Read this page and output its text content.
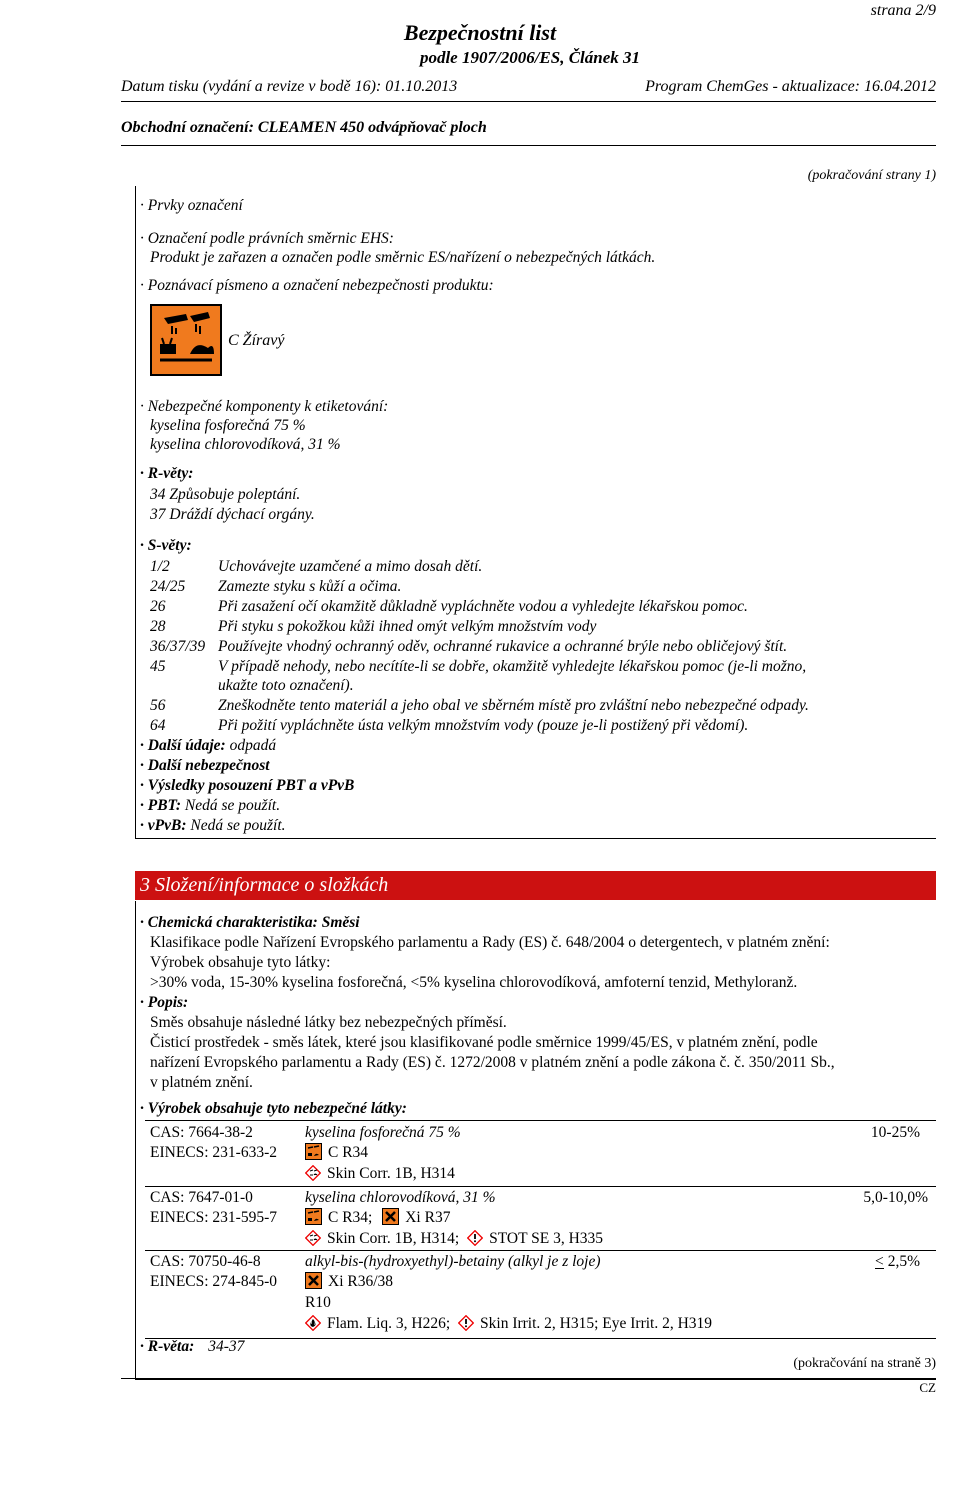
strana 2/9
Bezpečnostní list
podle 1907/2006/ES, Článek 31
Datum tisku (vydání a revize v bodě 16): 01.10.2013	Program ChemGes - aktualizace: 16.04.2012
Obchodní označení: CLEAMEN 450 odvápňovač ploch
(pokračování strany 1)
· Prvky označení
· Označení podle právních směrnic EHS:
Produkt je zařazen a označen podle směrnic ES/nařízení o nebezpečných látkách.
· Poznávací písmeno a označení nebezpečnosti produktu:
C Žíravý
· Nebezpečné komponenty k etiketování:
kyselina fosforečná 75 %
kyselina chlorovodíková, 31 %
· R-věty:
34 Způsobuje poleptání.
37 Dráždí dýchací orgány.
· S-věty:
1/2	Uchovávejte uzamčené a mimo dosah dětí.
24/25 Zamezte styku s kůží a očima.
26	Při zasažení očí okamžitě důkladně vypláchněte vodou a vyhledejte lékařskou pomoc.
28	Při styku s pokožkou kůži ihned omýt velkým množstvím vody
36/37/39 Používejte vhodný ochranný oděv, ochranné rukavice a ochranné brýle nebo obličejový štít.
45	V případě nehody, nebo necítíte-li se dobře, okamžitě vyhledejte lékařskou pomoc (je-li možno,
ukažte toto označení).
56	Zneškodněte tento materiál a jeho obal ve sběrném místě pro zvláštní nebo nebezpečné odpady.
64	Při požití vypláchněte ústa velkým množstvím vody (pouze je-li postižený při vědomí).
· Další údaje: odpadá
· Další nebezpečnost
· Výsledky posouzení PBT a vPvB
· PBT: Nedá se použít.
· vPvB: Nedá se použít.
3 Složení/informace o složkách
· Chemická charakteristika: Směsi
Klasifikace podle Nařízení Evropského parlamentu a Rady (ES) č. 648/2004 o detergentech, v platném znění:
Výrobek obsahuje tyto látky:
>30% voda, 15-30% kyselina fosforečná, <5% kyselina chlorovodíková, amfoterní tenzid, Methyloranž.
· Popis:
Směs obsahuje následné látky bez nebezpečných příměsí.
Čisticí prostředek - směs látek, které jsou klasifikované podle směrnice 1999/45/ES, v platném znění, podle
nařízení Evropského parlamentu a Rady (ES) č. 1272/2008 v platném znění a podle zákona č. č. 350/2011 Sb.,
v platném znění.
· Výrobek obsahuje tyto nebezpečné látky:
CAS: 7664-38-2
EINECS: 231-633-2
kyselina fosforečná 75 %	10-25%
C R34
Skin Corr. 1B, H314
CAS: 7647-01-0
EINECS: 231-595-7
kyselina chlorovodíková, 31 %	5,0-10,0%
C R34; Xi R37
Skin Corr. 1B, H314; STOT SE 3, H335
CAS: 70750-46-8
EINECS: 274-845-0
alkyl-bis-(hydroxyethyl)-betainy (alkyl je z loje)	< 2,5%
Xi R36/38
R10
Flam. Liq. 3, H226; Skin Irrit. 2, H315; Eye Irrit. 2, H319
· R-věta: 34-37
(pokračování na straně 3)
CZ
